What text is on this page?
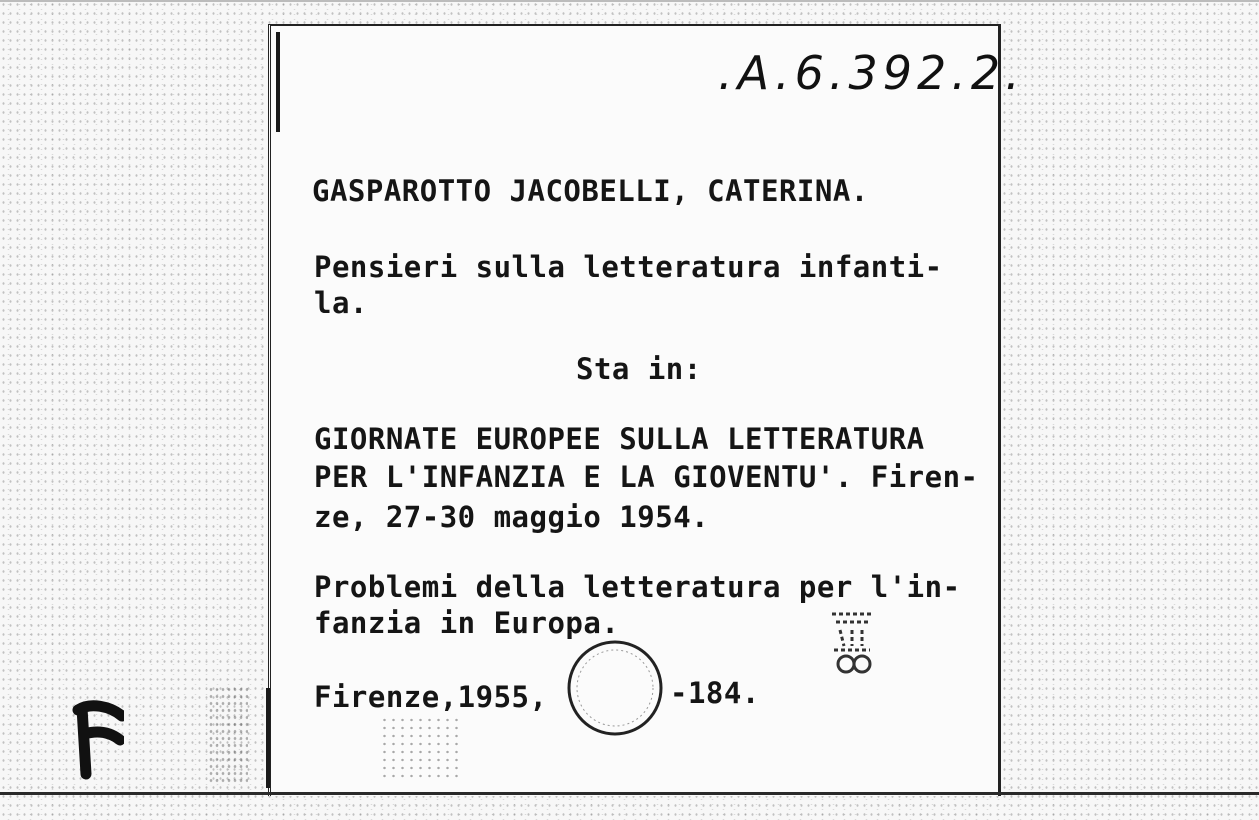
.A.6.392.2.
GASPAROTTO JACOBELLI, CATERINA.
Pensieri sulla letteratura infanti-
la.
Sta in:
GIORNATE EUROPEE SULLA LETTERATURA
PER L'INFANZIA E LA GIOVENTU'. Firen-
ze, 27-30 maggio 1954.
Problemi della letteratura per l'in-
fanzia in Europa.
Firenze,1955,	-184.
